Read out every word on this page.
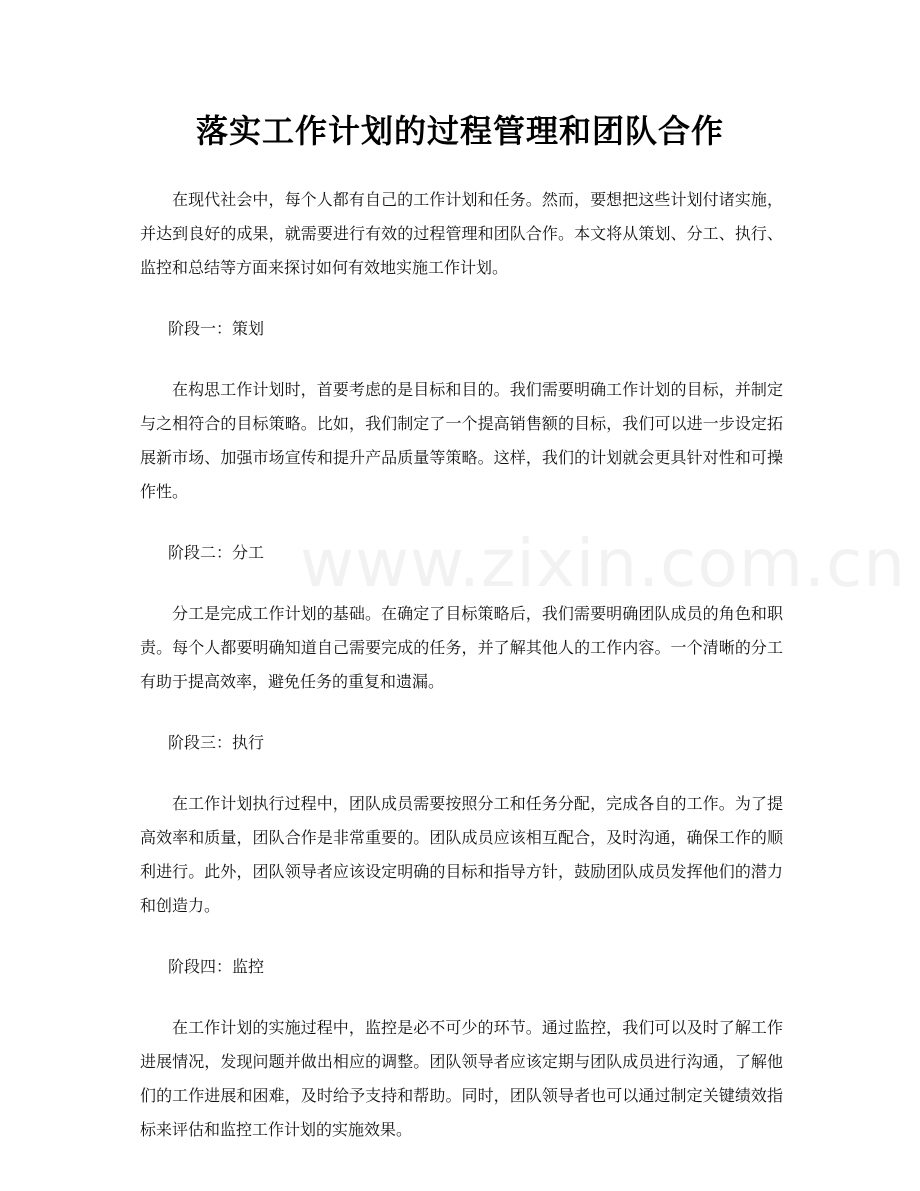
落实工作计划的过程管理和团队合作
www.zixin.com.cn

在现代社会中，每个人都有自己的工作计划和任务。然而，要想把这些计划付诸实施，并达到良好的成果，就需要进行有效的过程管理和团队合作。本文将从策划、分工、执行、监控和总结等方面来探讨如何有效地实施工作计划。

阶段一：策划

在构思工作计划时，首要考虑的是目标和目的。我们需要明确工作计划的目标，并制定与之相符合的目标策略。比如，我们制定了一个提高销售额的目标，我们可以进一步设定拓展新市场、加强市场宣传和提升产品质量等策略。这样，我们的计划就会更具针对性和可操作性。

阶段二：分工

分工是完成工作计划的基础。在确定了目标策略后，我们需要明确团队成员的角色和职责。每个人都要明确知道自己需要完成的任务，并了解其他人的工作内容。一个清晰的分工有助于提高效率，避免任务的重复和遗漏。

阶段三：执行

在工作计划执行过程中，团队成员需要按照分工和任务分配，完成各自的工作。为了提高效率和质量，团队合作是非常重要的。团队成员应该相互配合，及时沟通，确保工作的顺利进行。此外，团队领导者应该设定明确的目标和指导方针，鼓励团队成员发挥他们的潜力和创造力。

阶段四：监控

在工作计划的实施过程中，监控是必不可少的环节。通过监控，我们可以及时了解工作进展情况，发现问题并做出相应的调整。团队领导者应该定期与团队成员进行沟通，了解他们的工作进展和困难，及时给予支持和帮助。同时，团队领导者也可以通过制定关键绩效指标来评估和监控工作计划的实施效果。
